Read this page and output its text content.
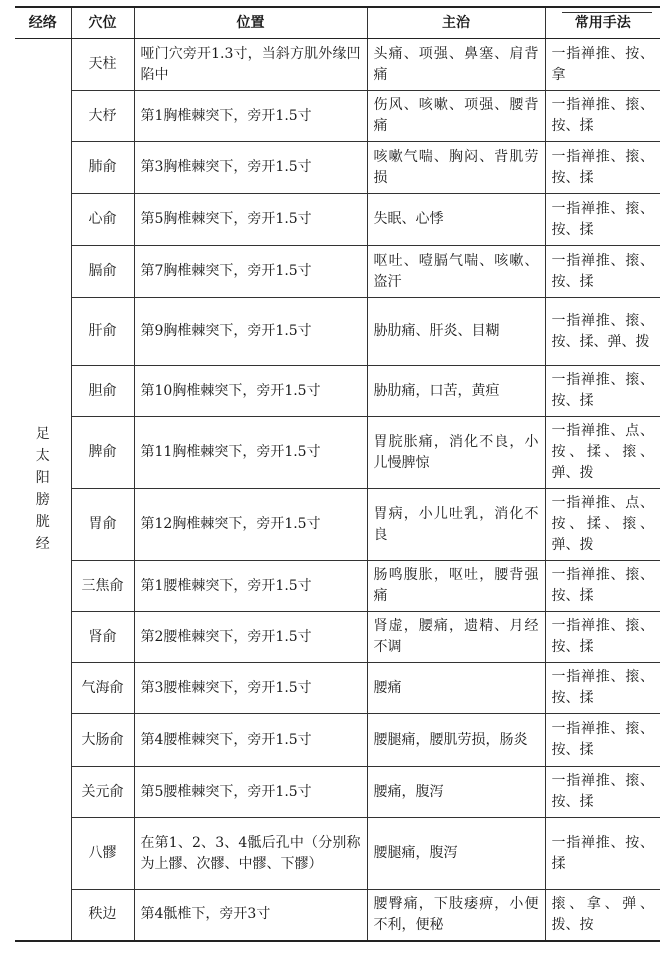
经络	穴位	位置	主治	常用手法
足太阳膀胱经	天柱	哑门穴旁开1.3寸，当斜方肌外缘凹陷中	头痛、项强、鼻塞、肩背痛	一指禅推、按、拿
	大杼	第1胸椎棘突下，旁开1.5寸	伤风、咳嗽、项强、腰背痛	一指禅推、㨰、按、揉
	肺俞	第3胸椎棘突下，旁开1.5寸	咳嗽气喘、胸闷、背肌劳损	一指禅推、㨰、按、揉
	心俞	第5胸椎棘突下，旁开1.5寸	失眠、心悸	一指禅推、㨰、按、揉
	膈俞	第7胸椎棘突下，旁开1.5寸	呕吐、噎膈气喘、咳嗽、盗汗	一指禅推、㨰、按、揉
	肝俞	第9胸椎棘突下，旁开1.5寸	胁肋痛、肝炎、目糊	一指禅推、㨰、按、揉、弹、拨
	胆俞	第10胸椎棘突下，旁开1.5寸	胁肋痛，口苦，黄疸	一指禅推、㨰、按、揉
	脾俞	第11胸椎棘突下，旁开1.5寸	胃脘胀痛，消化不良，小儿慢脾惊	一指禅推、点、按、揉、㨰、弹、拨
	胃俞	第12胸椎棘突下，旁开1.5寸	胃病，小儿吐乳，消化不良	一指禅推、点、按、揉、㨰、弹、拨
	三焦俞	第1腰椎棘突下，旁开1.5寸	肠鸣腹胀，呕吐，腰背强痛	一指禅推、㨰、按、揉
	肾俞	第2腰椎棘突下，旁开1.5寸	肾虚，腰痛，遗精、月经不调	一指禅推、㨰、按、揉
	气海俞	第3腰椎棘突下，旁开1.5寸	腰痛	一指禅推、㨰、按、揉
	大肠俞	第4腰椎棘突下，旁开1.5寸	腰腿痛，腰肌劳损，肠炎	一指禅推、㨰、按、揉
	关元俞	第5腰椎棘突下，旁开1.5寸	腰痛，腹泻	一指禅推、㨰、按、揉
	八髎	在第1、2、3、4骶后孔中（分别称为上髎、次髎、中髎、下髎）	腰腿痛，腹泻	一指禅推、按、揉
	秩边	第4骶椎下，旁开3寸	腰臀痛，下肢痿痹，小便不利，便秘	㨰、拿、弹、拨、按
